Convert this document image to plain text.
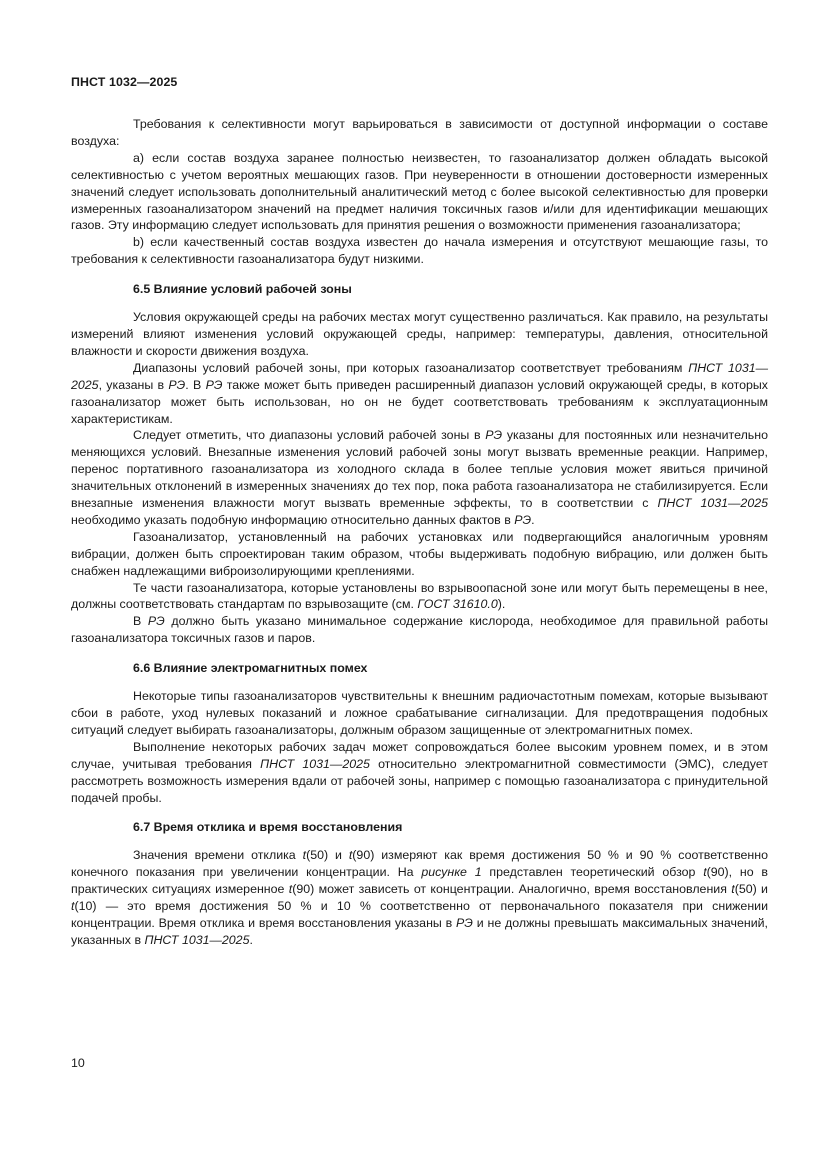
ПНСТ 1032—2025

Требования к селективности могут варьироваться в зависимости от доступной информации о составе воздуха:

а) если состав воздуха заранее полностью неизвестен, то газоанализатор должен обладать высокой селективностью с учетом вероятных мешающих газов. При неуверенности в отношении достоверности измеренных значений следует использовать дополнительный аналитический метод с более высокой селективностью для проверки измеренных газоанализатором значений на предмет наличия токсичных газов и/или для идентификации мешающих газов. Эту информацию следует использовать для принятия решения о возможности применения газоанализатора;

b) если качественный состав воздуха известен до начала измерения и отсутствуют мешающие газы, то требования к селективности газоанализатора будут низкими.

6.5 Влияние условий рабочей зоны

Условия окружающей среды на рабочих местах могут существенно различаться. Как правило, на результаты измерений влияют изменения условий окружающей среды, например: температуры, давления, относительной влажности и скорости движения воздуха.

Диапазоны условий рабочей зоны, при которых газоанализатор соответствует требованиям ПНСТ 1031—2025, указаны в РЭ. В РЭ также может быть приведен расширенный диапазон условий окружающей среды, в которых газоанализатор может быть использован, но он не будет соответствовать требованиям к эксплуатационным характеристикам.

Следует отметить, что диапазоны условий рабочей зоны в РЭ указаны для постоянных или незначительно меняющихся условий. Внезапные изменения условий рабочей зоны могут вызвать временные реакции. Например, перенос портативного газоанализатора из холодного склада в более теплые условия может явиться причиной значительных отклонений в измеренных значениях до тех пор, пока работа газоанализатора не стабилизируется. Если внезапные изменения влажности могут вызвать временные эффекты, то в соответствии с ПНСТ 1031—2025 необходимо указать подобную информацию относительно данных фактов в РЭ.

Газоанализатор, установленный на рабочих установках или подвергающийся аналогичным уровням вибрации, должен быть спроектирован таким образом, чтобы выдерживать подобную вибрацию, или должен быть снабжен надлежащими виброизолирующими креплениями.

Те части газоанализатора, которые установлены во взрывоопасной зоне или могут быть перемещены в нее, должны соответствовать стандартам по взрывозащите (см. ГОСТ 31610.0).

В РЭ должно быть указано минимальное содержание кислорода, необходимое для правильной работы газоанализатора токсичных газов и паров.

6.6 Влияние электромагнитных помех

Некоторые типы газоанализаторов чувствительны к внешним радиочастотным помехам, которые вызывают сбои в работе, уход нулевых показаний и ложное срабатывание сигнализации. Для предотвращения подобных ситуаций следует выбирать газоанализаторы, должным образом защищенные от электромагнитных помех.

Выполнение некоторых рабочих задач может сопровождаться более высоким уровнем помех, и в этом случае, учитывая требования ПНСТ 1031—2025 относительно электромагнитной совместимости (ЭМС), следует рассмотреть возможность измерения вдали от рабочей зоны, например с помощью газоанализатора с принудительной подачей пробы.

6.7 Время отклика и время восстановления

Значения времени отклика t(50) и t(90) измеряют как время достижения 50 % и 90 % соответственно конечного показания при увеличении концентрации. На рисунке 1 представлен теоретический обзор t(90), но в практических ситуациях измеренное t(90) может зависеть от концентрации. Аналогично, время восстановления t(50) и t(10) — это время достижения 50 % и 10 % соответственно от первоначального показателя при снижении концентрации. Время отклика и время восстановления указаны в РЭ и не должны превышать максимальных значений, указанных в ПНСТ 1031—2025.

10
